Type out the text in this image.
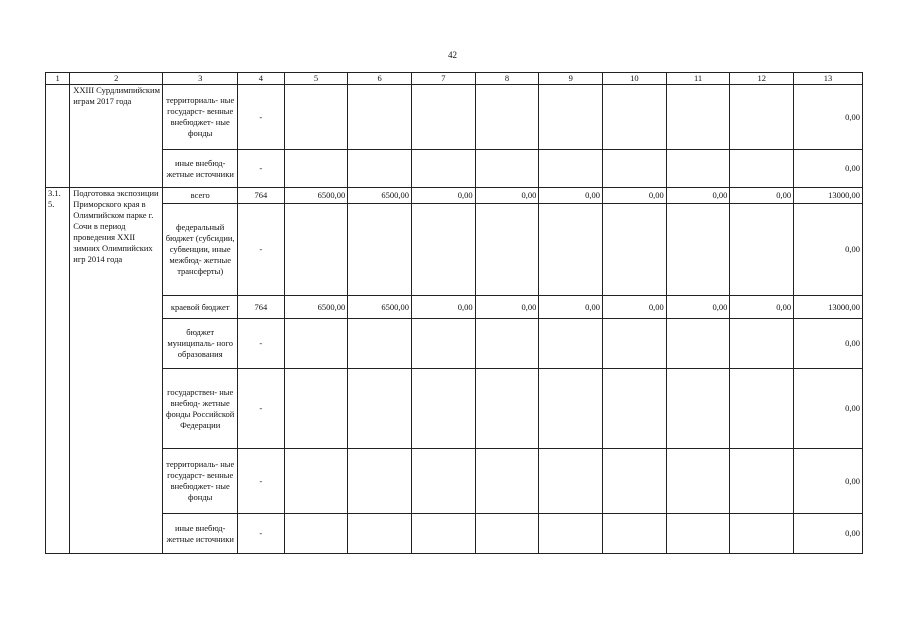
42
1	2	3	4	5	6	7	8	9	10	11	12	13
	XXIII Сурдлимпийским играм 2017 года	территориаль- ные государст- венные внебюджет- ные фонды	-									0,00
		иные внебюд- жетные источники	-									0,00
3.1. 5.	Подготовка экспозиции Приморского края в Олимпийском парке г. Сочи в период проведения XXII зимних Олимпийских игр 2014 года	всего	764	6500,00	6500,00	0,00	0,00	0,00	0,00	0,00	0,00	13000,00
		федеральный бюджет (субсидии, субвенции, иные межбюд- жетные трансферты)	-									0,00
		краевой бюджет	764	6500,00	6500,00	0,00	0,00	0,00	0,00	0,00	0,00	13000,00
		бюджет муниципаль- ного образования	-									0,00
		государствен- ные внебюд- жетные фонды Российской Федерации	-									0,00
		территориаль- ные государст- венные внебюджет- ные фонды	-									0,00
		иные внебюд- жетные источники	-									0,00
